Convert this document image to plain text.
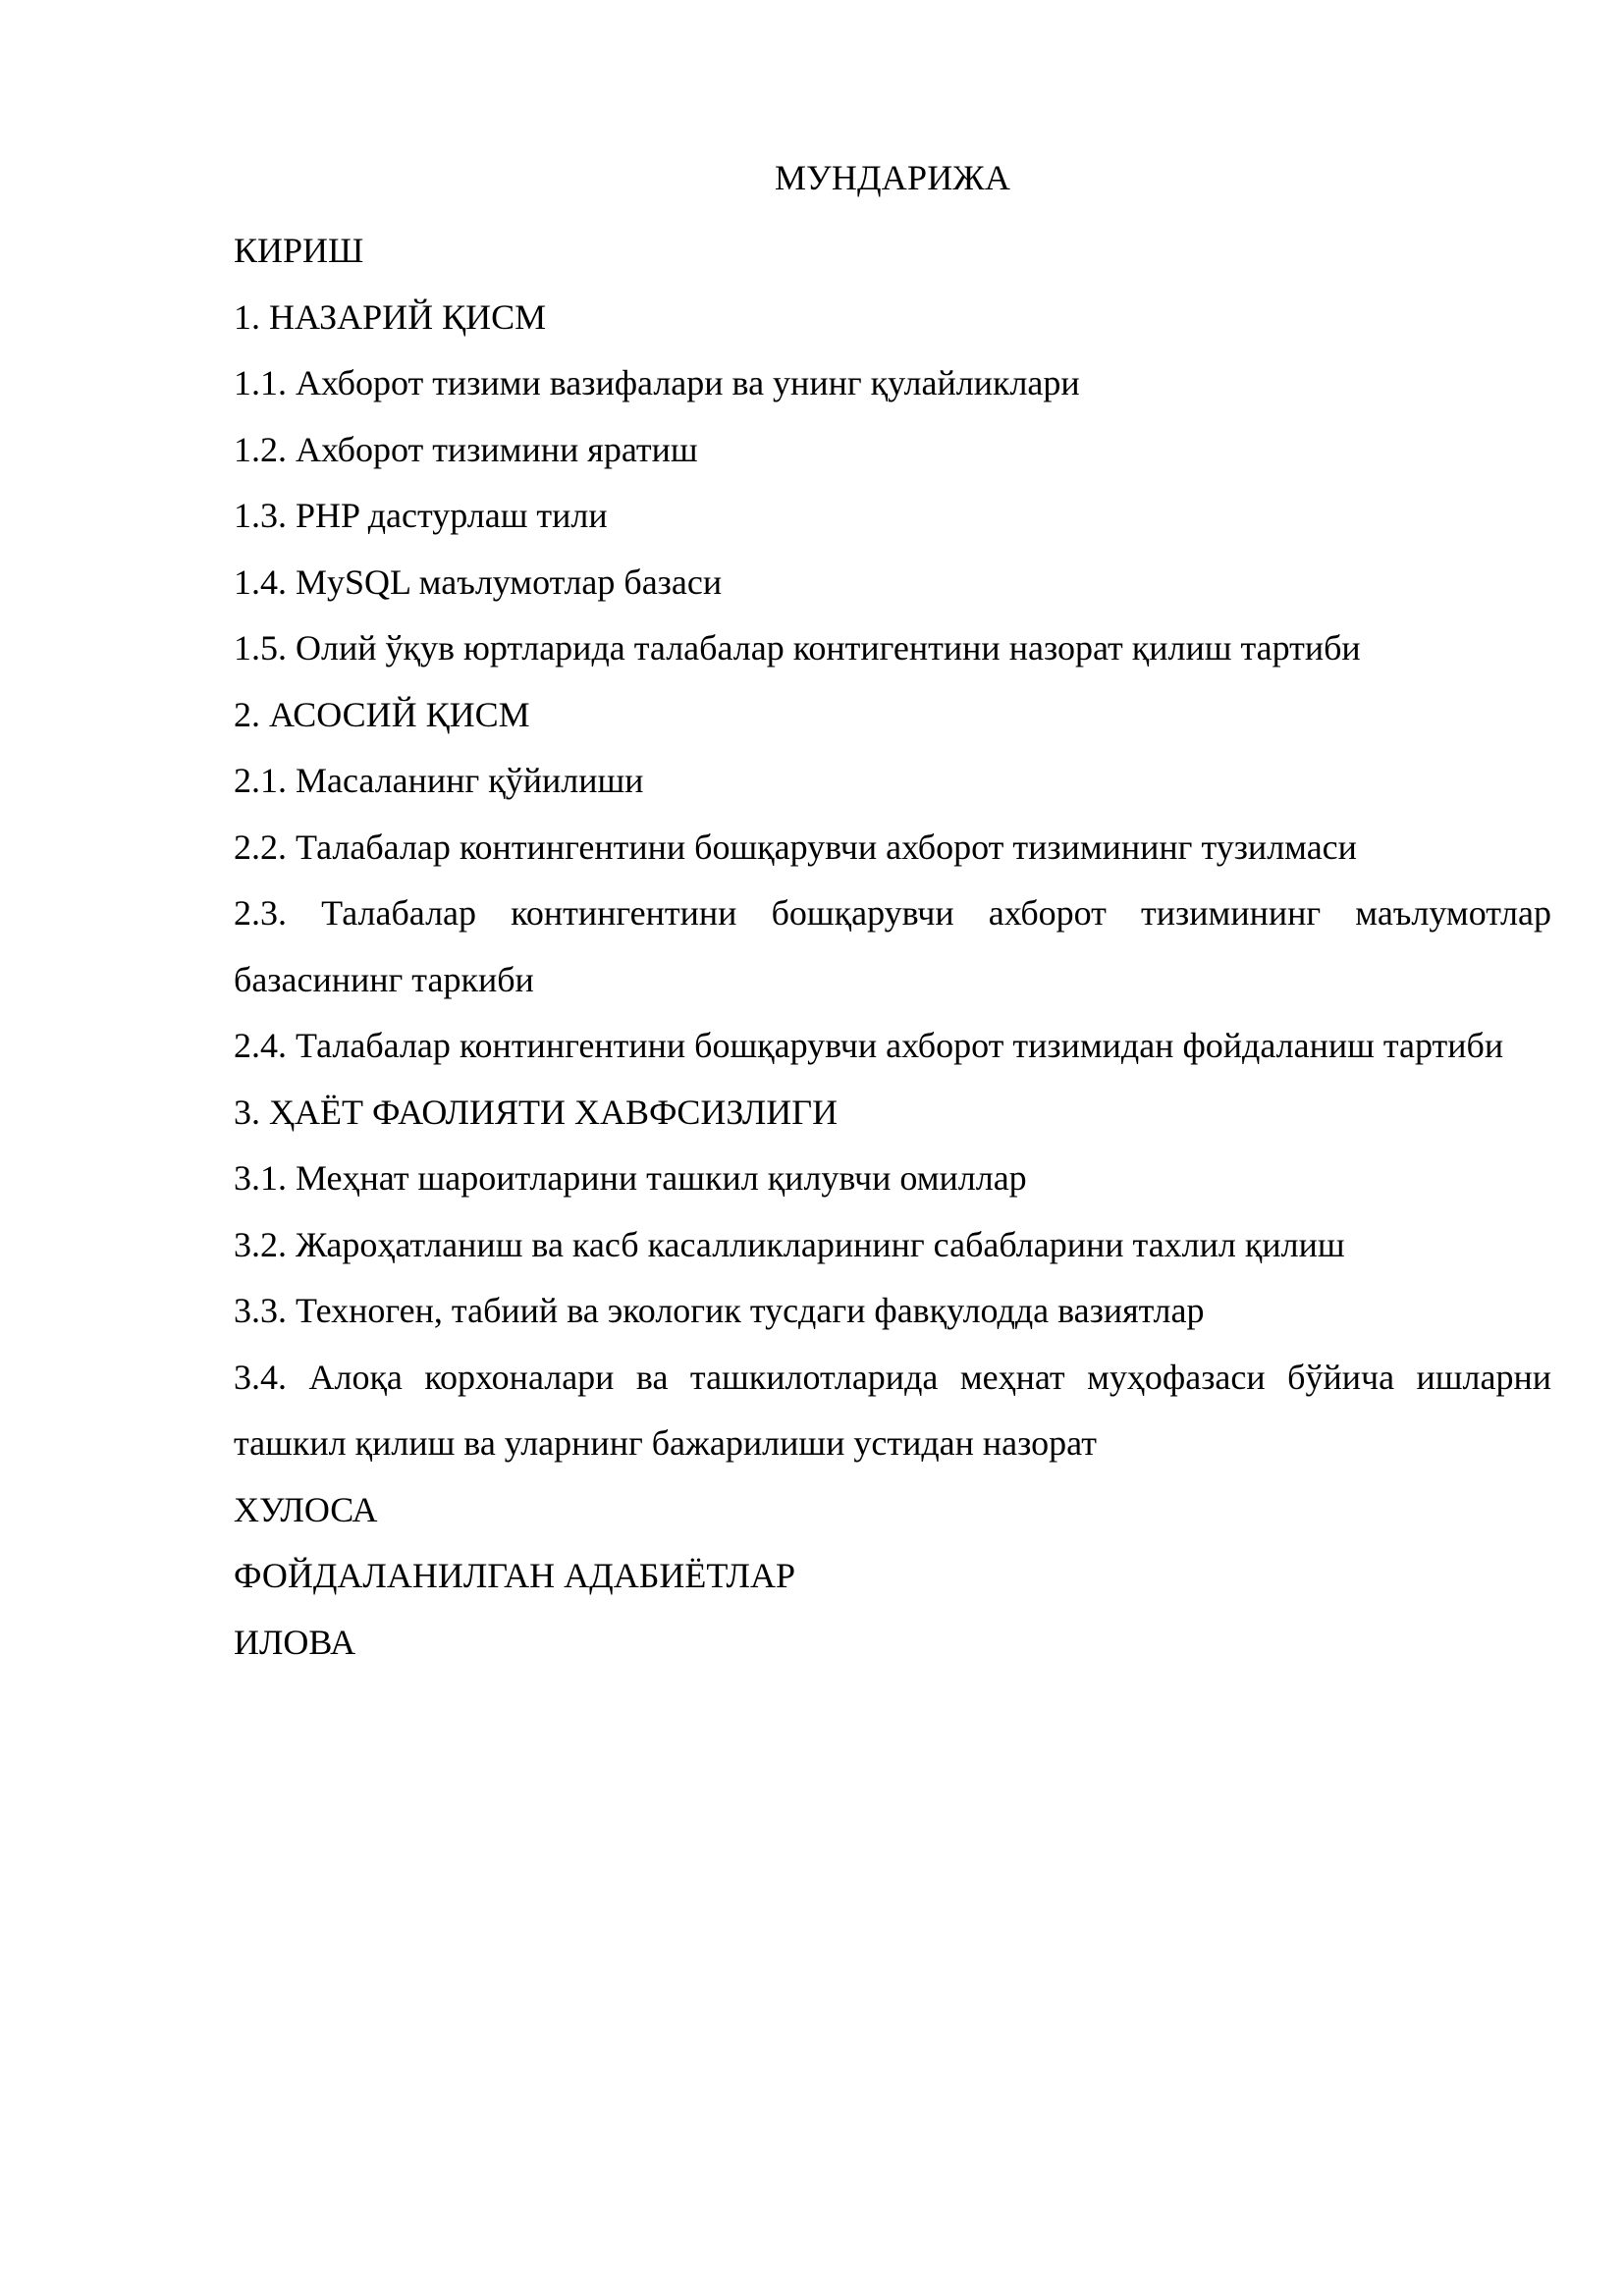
МУНДАРИЖА
КИРИШ
1. НАЗАРИЙ ҚИСМ
1.1. Ахборот тизими вазифалари ва унинг қулайликлари
1.2. Ахборот тизимини яратиш
1.3. PHP дастурлаш тили
1.4. MySQL маълумотлар базаси
1.5. Олий ўқув юртларида талабалар контигентини назорат қилиш тартиби
2. АСОСИЙ ҚИСМ
2.1. Масаланинг қўйилиши
2.2. Талабалар контингентини бошқарувчи ахборот тизимининг тузилмаси
2.3. Талабалар контингентини бошқарувчи ахборот тизимининг маълумотлар базасининг таркиби
2.4. Талабалар контингентини бошқарувчи ахборот тизимидан фойдаланиш тартиби
3. ҲАЁТ ФАОЛИЯТИ ХАВФСИЗЛИГИ
3.1. Меҳнат шароитларини ташкил қилувчи омиллар
3.2. Жароҳатланиш ва касб касалликларининг сабабларини тахлил қилиш
3.3. Техноген, табиий ва экологик тусдаги фавқулодда вазиятлар
3.4. Алоқа корхоналари ва ташкилотларида меҳнат муҳофазаси бўйича ишларни ташкил қилиш ва уларнинг бажарилиши устидан назорат
ХУЛОСА
ФОЙДАЛАНИЛГАН АДАБИЁТЛАР
ИЛОВА
